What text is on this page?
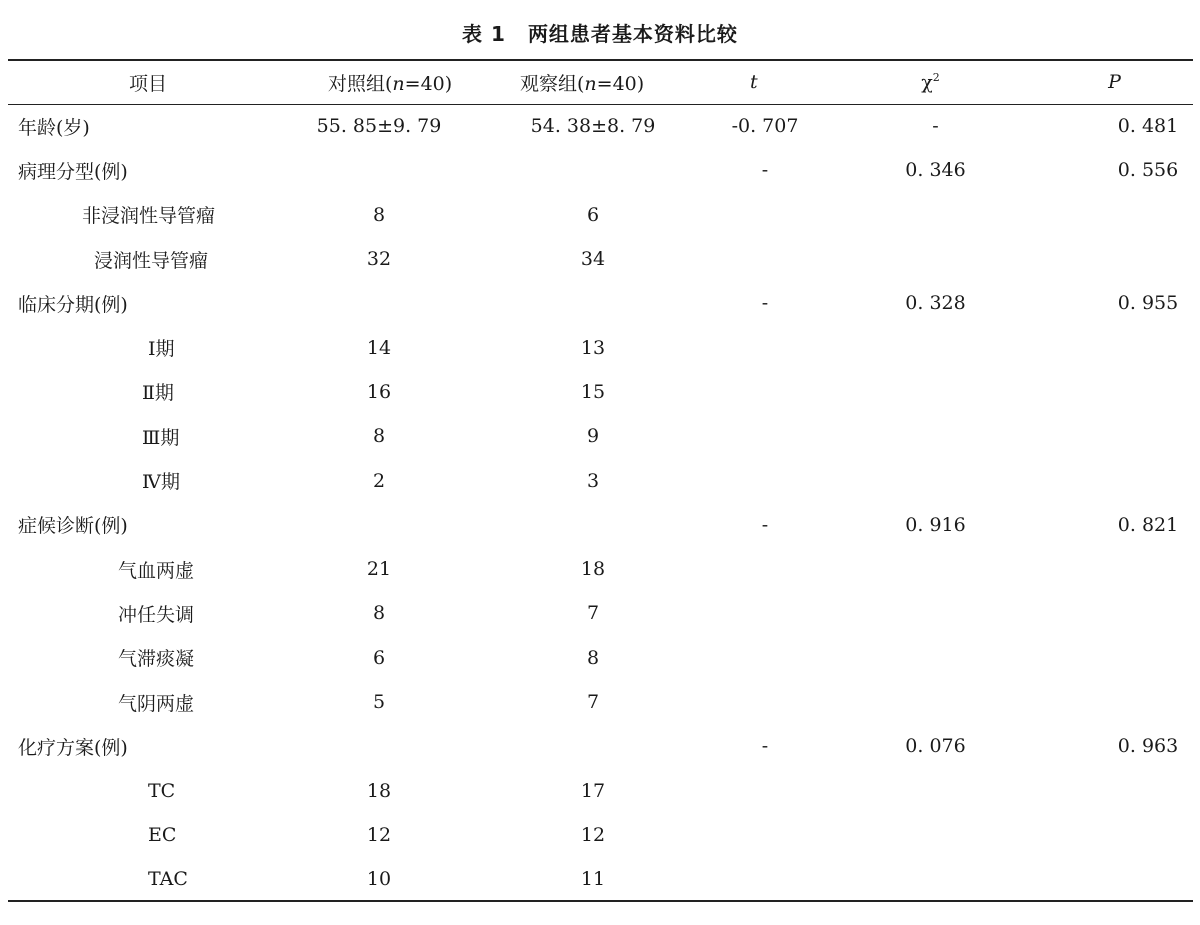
表 1 两组患者基本资料比较
项目	对照组(n=40)	观察组(n=40)	t	$\chi^2$	P
年龄(岁)	55. 85±9. 79	54. 38±8. 79	-0. 707	-	0. 481
病理分型(例)			-	0. 346	0. 556
非浸润性导管瘤	8	6			
浸润性导管瘤	32	34			
临床分期(例)			-	0. 328	0. 955
Ⅰ期	14	13			
Ⅱ期	16	15			
Ⅲ期	8	9			
Ⅳ期	2	3			
症候诊断(例)			-	0. 916	0. 821
气血两虚	21	18			
冲任失调	8	7			
气滞痰凝	6	8			
气阴两虚	5	7			
化疗方案(例)			-	0. 076	0. 963
TC	18	17			
EC	12	12			
TAC	10	11			
